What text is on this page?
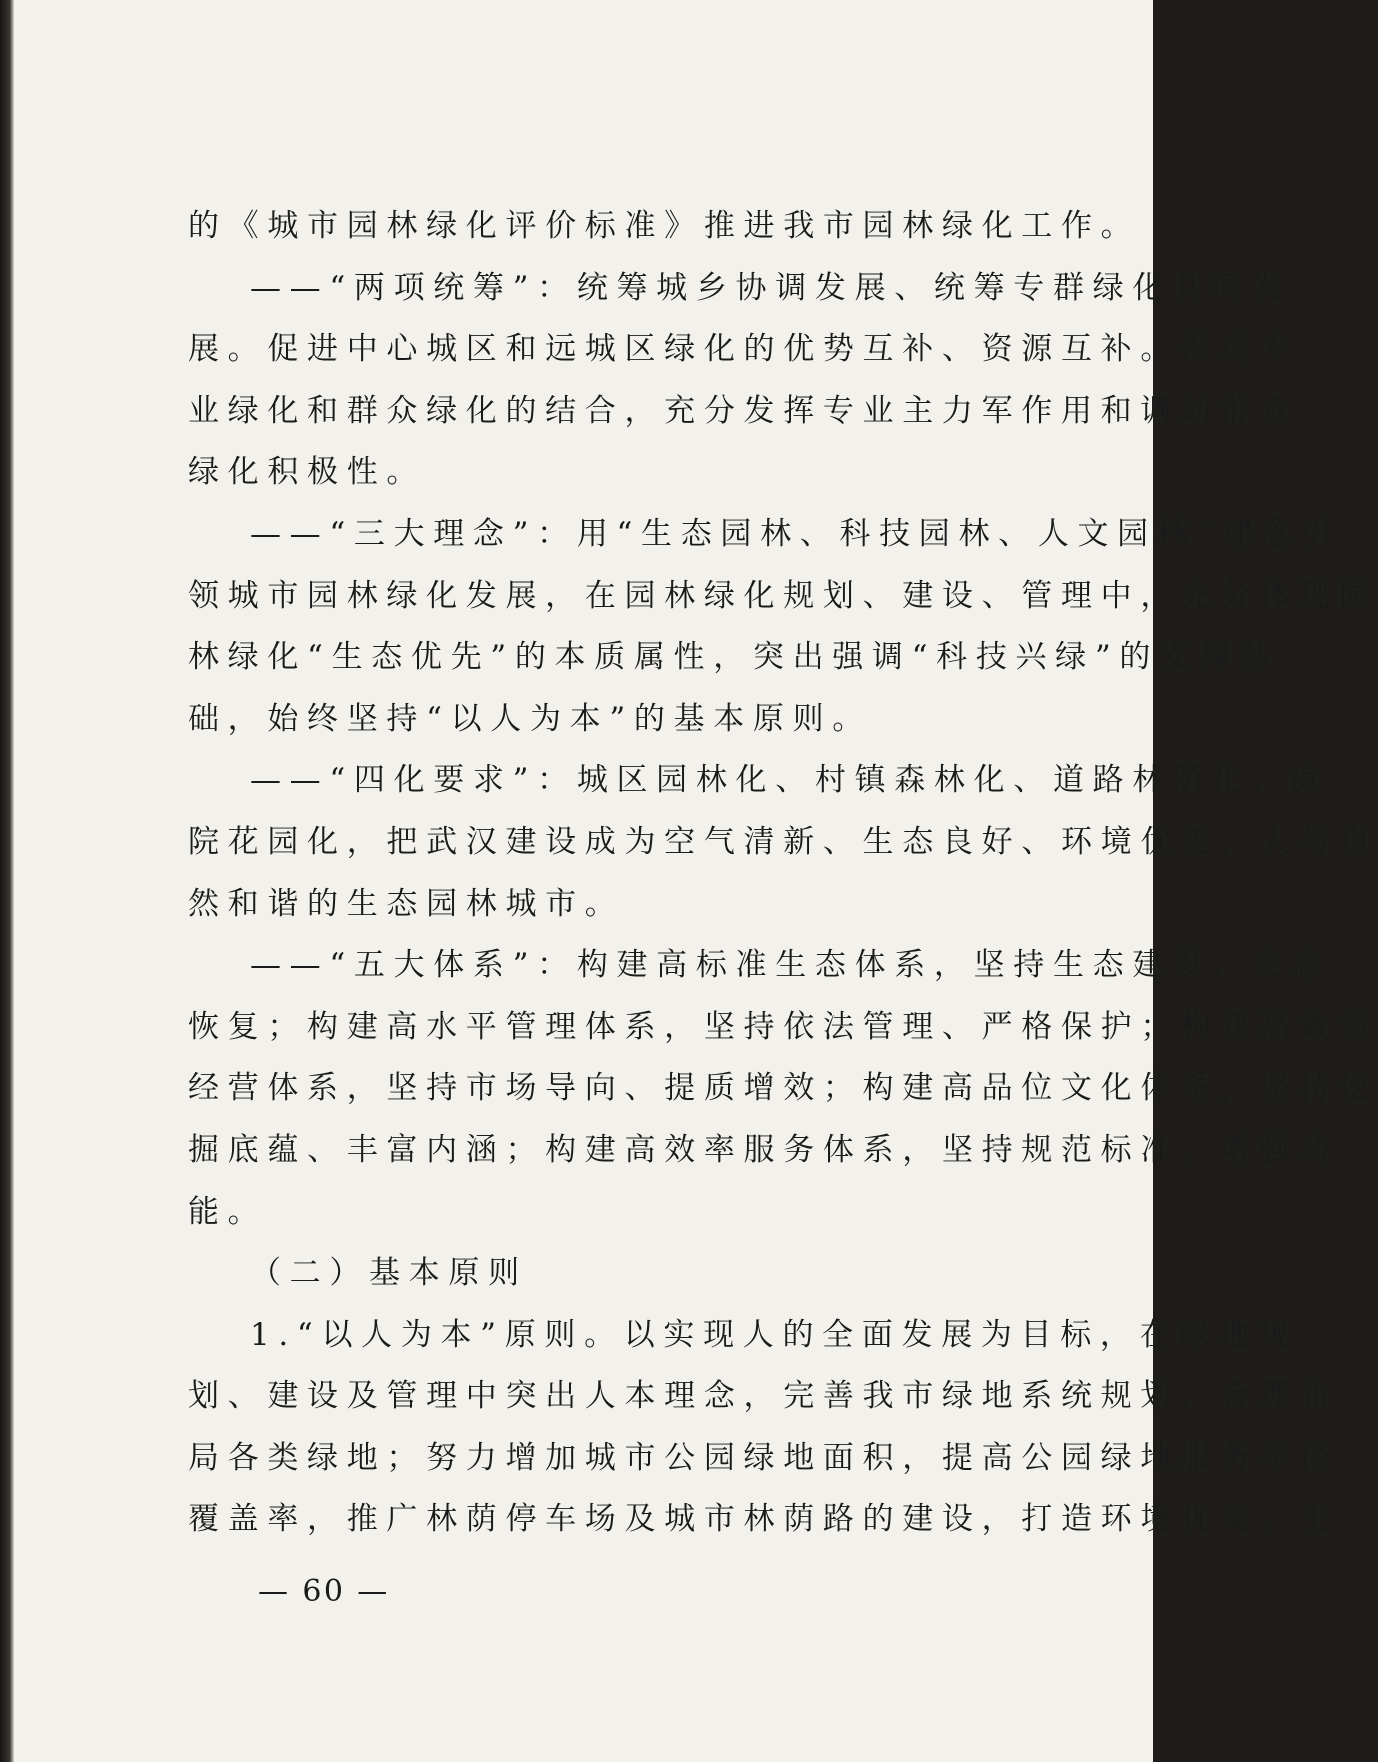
的《城市园林绿化评价标准》推进我市园林绿化工作。
——“两项统筹”：统筹城乡协调发展、统筹专群绿化共同发
展。促进中心城区和远城区绿化的优势互补、资源互补。推进专
业绿化和群众绿化的结合，充分发挥专业主力军作用和调动群众
绿化积极性。
——“三大理念”：用“生态园林、科技园林、人文园林”理念引
领城市园林绿化发展，在园林绿化规划、建设、管理中，充分体现园
林绿化“生态优先”的本质属性，突出强调“科技兴绿”的支撑基
础，始终坚持“以人为本”的基本原则。
——“四化要求”：城区园林化、村镇森林化、道路林荫化、庭
院花园化，把武汉建设成为空气清新、生态良好、环境优美、人与自
然和谐的生态园林城市。
——“五大体系”：构建高标准生态体系，坚持生态建设、生态
恢复；构建高水平管理体系，坚持依法管理、严格保护；构建高效益
经营体系，坚持市场导向、提质增效；构建高品位文化体系，坚持挖
掘底蕴、丰富内涵；构建高效率服务体系，坚持规范标准、增强功
能。
（二）基本原则
1.“以人为本”原则。以实现人的全面发展为目标，在绿地规
划、建设及管理中突出人本理念，完善我市绿地系统规划，合理布
局各类绿地；努力增加城市公园绿地面积，提高公园绿地服务半径
覆盖率，推广林荫停车场及城市林荫路的建设，打造环境优美、生
— 60 —
